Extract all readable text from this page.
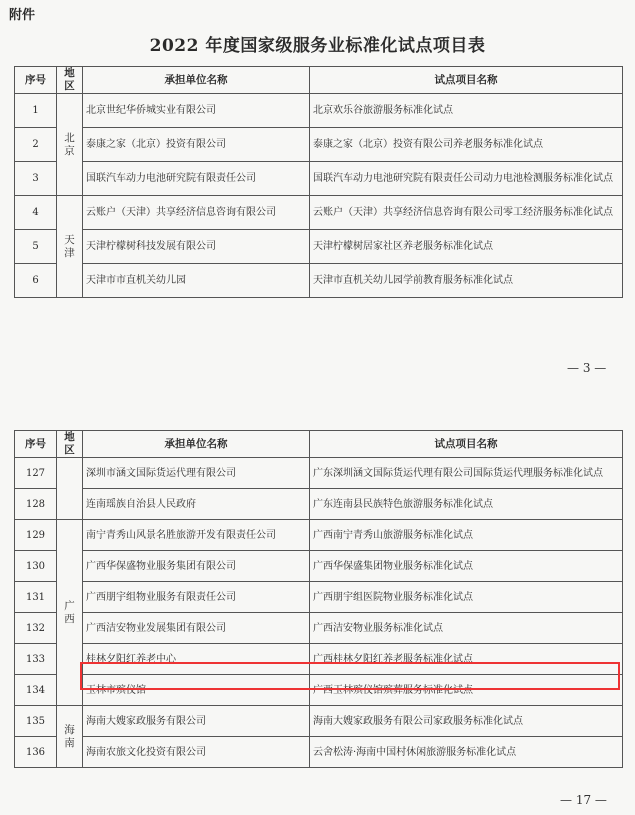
附件
2022 年度国家级服务业标准化试点项目表
序号	地区	承担单位名称	试点项目名称
1	北京	北京世纪华侨城实业有限公司	北京欢乐谷旅游服务标准化试点
2		泰康之家（北京）投资有限公司	泰康之家（北京）投资有限公司养老服务标准化试点
3		国联汽车动力电池研究院有限责任公司	国联汽车动力电池研究院有限责任公司动力电池检测服务标准化试点
4	天津	云账户（天津）共享经济信息咨询有限公司	云账户（天津）共享经济信息咨询有限公司零工经济服务标准化试点
5		天津柠檬树科技发展有限公司	天津柠檬树居家社区养老服务标准化试点
6		天津市市直机关幼儿园	天津市直机关幼儿园学前教育服务标准化试点
— 3 —
序号	地区	承担单位名称	试点项目名称
127		深圳市涵文国际货运代理有限公司	广东深圳涵文国际货运代理有限公司国际货运代理服务标准化试点
128		连南瑶族自治县人民政府	广东连南县民族特色旅游服务标准化试点
129	广西	南宁青秀山风景名胜旅游开发有限责任公司	广西南宁青秀山旅游服务标准化试点
130		广西华保盛物业服务集团有限公司	广西华保盛集团物业服务标准化试点
131		广西朋宇组物业服务有限责任公司	广西朋宇组医院物业服务标准化试点
132		广西洁安物业发展集团有限公司	广西洁安物业服务标准化试点
133		桂林夕阳红养老中心	广西桂林夕阳红养老服务标准化试点
134		玉林市殡仪馆	广西玉林殡仪馆殡葬服务标准化试点
135	海南	海南大嫂家政服务有限公司	海南大嫂家政服务有限公司家政服务标准化试点
136		海南农旅文化投资有限公司	云舍松涛·海南中国村休闲旅游服务标准化试点
— 17 —
